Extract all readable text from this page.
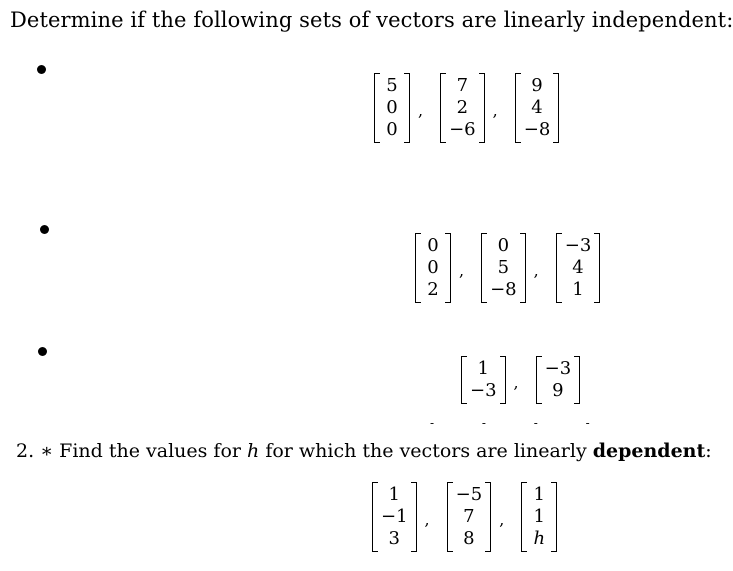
Determine if the following sets of vectors are linearly independent:
5
0
0
,
7
2
−6
,
9
4
−8
0
0
2
,
0
5
−8
,
−3
4
1
1
−3 ,
−3
9
- - - -
2. ∗ Find the values for h for which the vectors are linearly dependent:
1
−1
3
,
−5
7
8
,
1
1
h
